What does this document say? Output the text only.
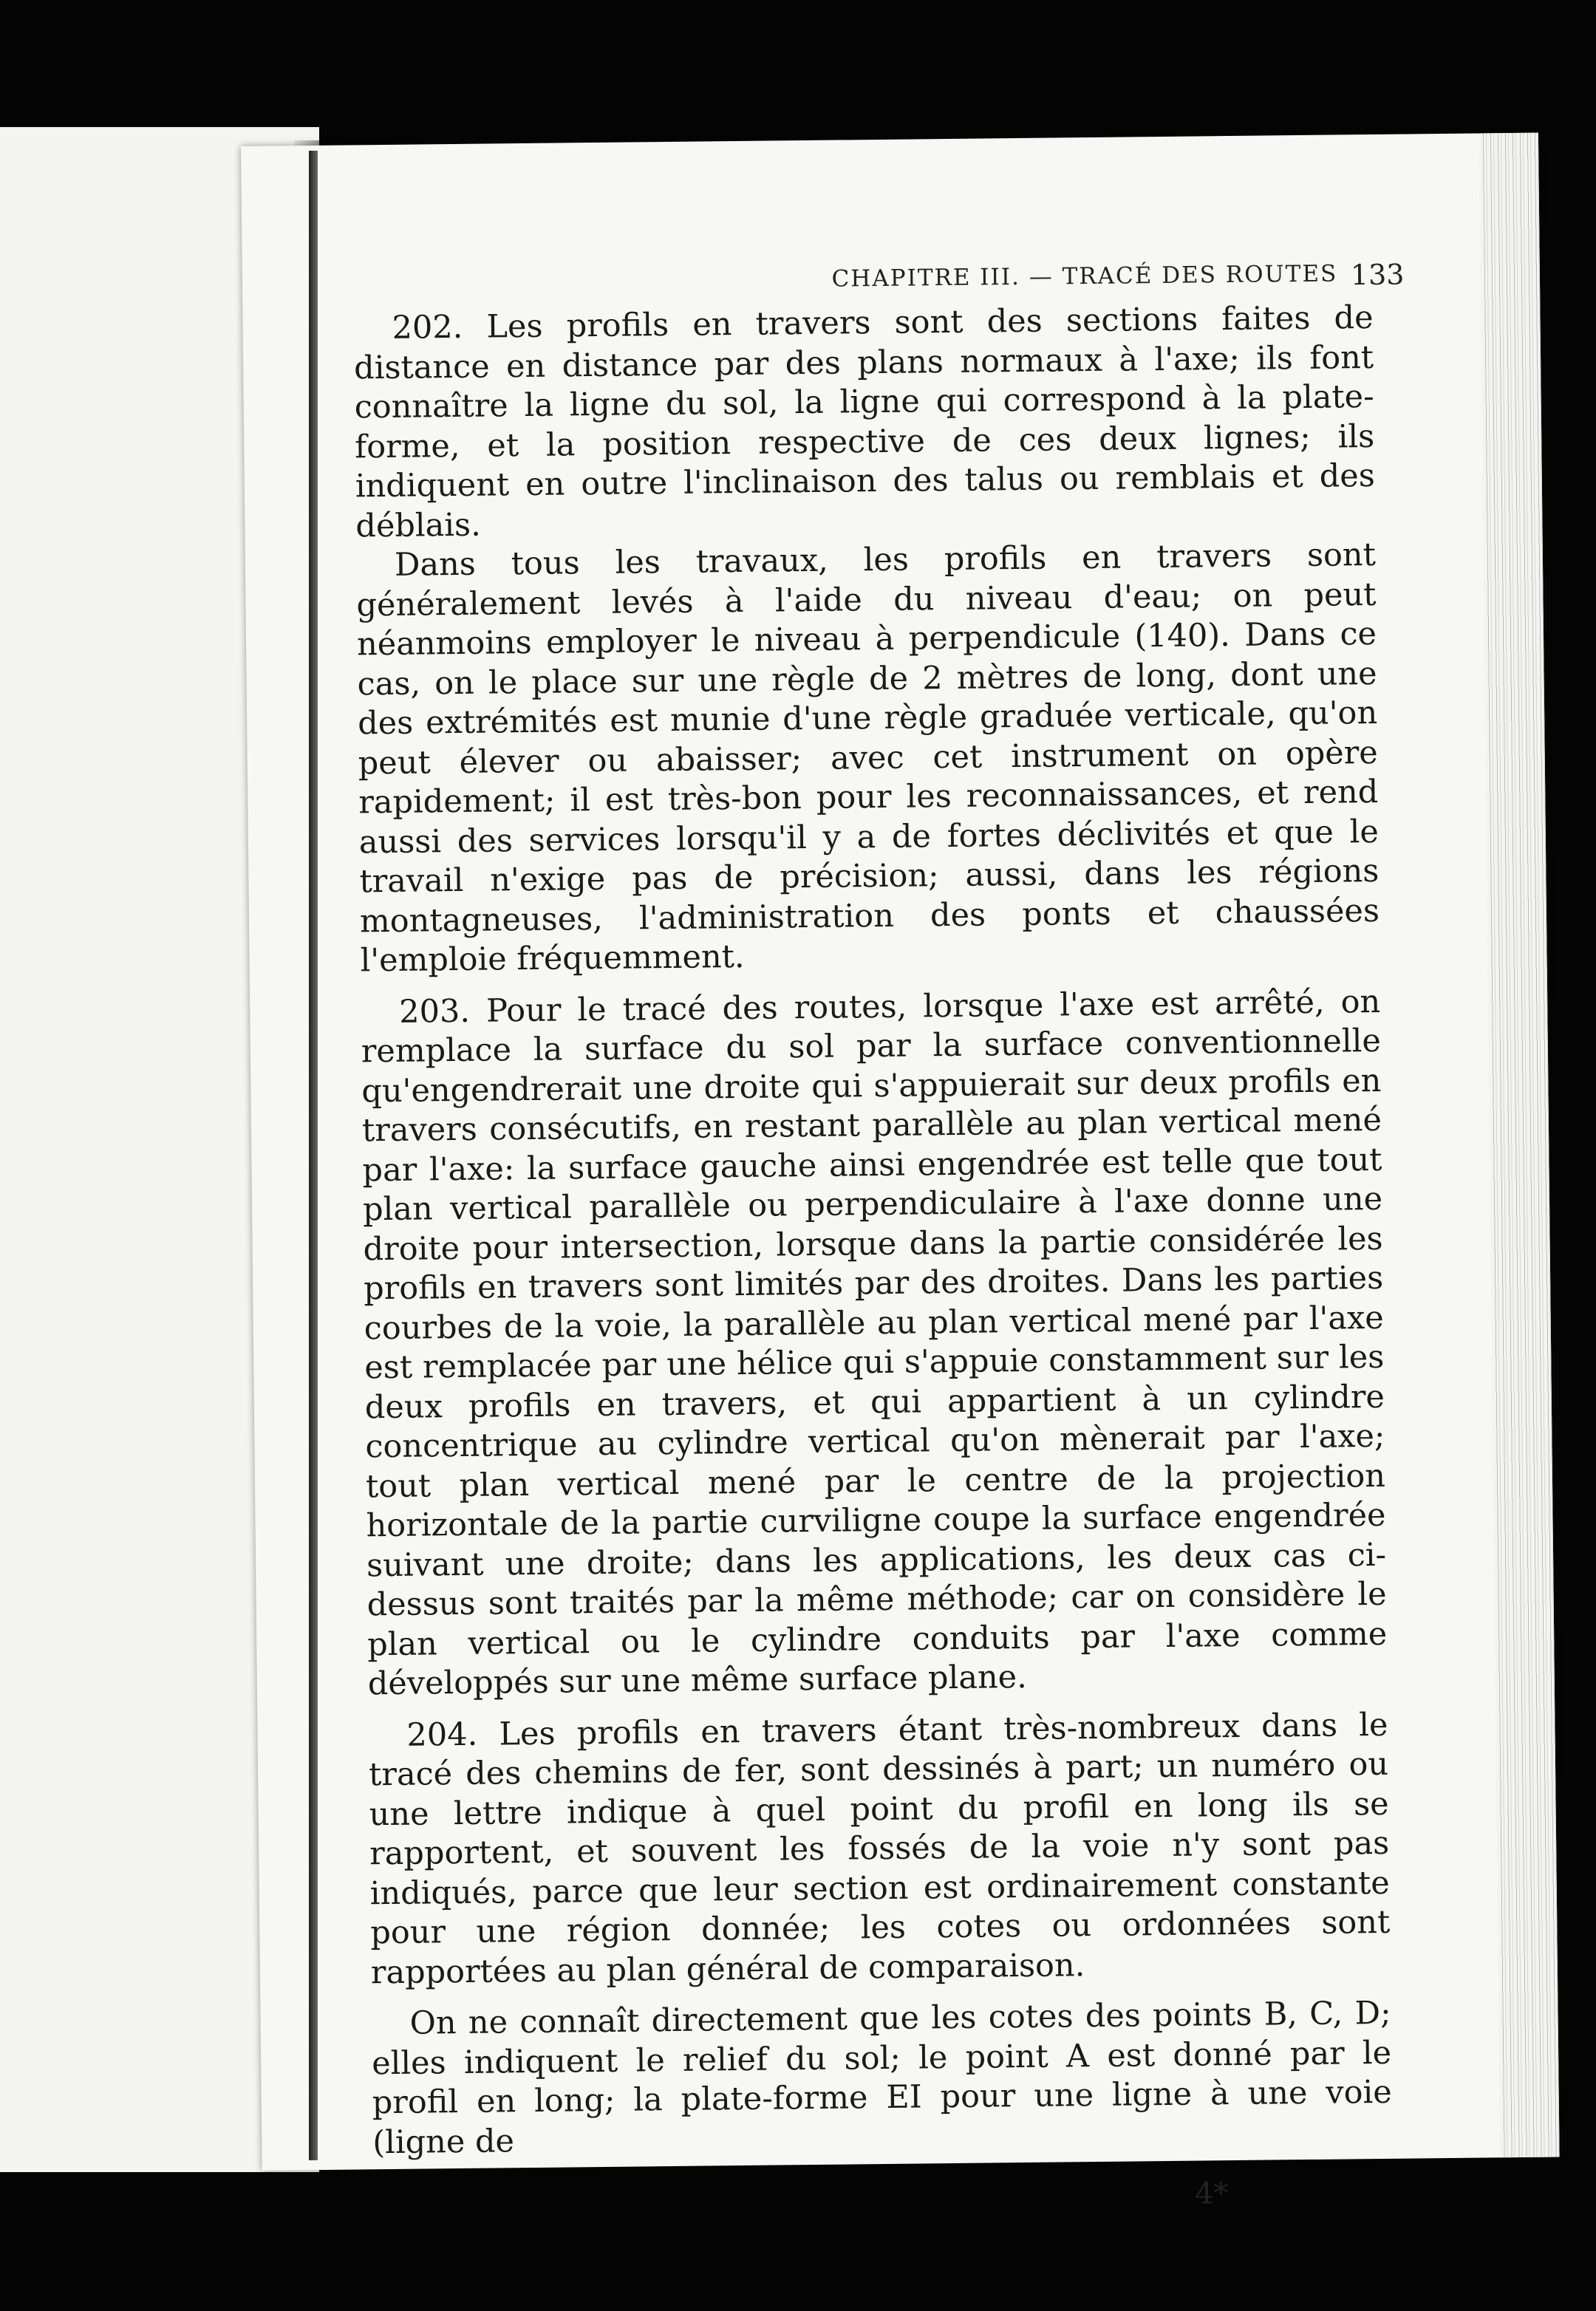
CHAPITRE III. — TRACÉ DES ROUTES 133

202. Les profils en travers sont des sections faites de distance en distance par des plans normaux à l'axe; ils font connaître la ligne du sol, la ligne qui correspond à la plate-forme, et la position respective de ces deux lignes; ils indiquent en outre l'inclinaison des talus ou remblais et des déblais.

Dans tous les travaux, les profils en travers sont généralement levés à l'aide du niveau d'eau; on peut néanmoins employer le niveau à perpendicule (140). Dans ce cas, on le place sur une règle de 2 mètres de long, dont une des extrémités est munie d'une règle graduée verticale, qu'on peut élever ou abaisser; avec cet instrument on opère rapidement; il est très-bon pour les reconnaissances, et rend aussi des services lorsqu'il y a de fortes déclivités et que le travail n'exige pas de précision; aussi, dans les régions montagneuses, l'administration des ponts et chaussées l'emploie fréquemment.

203. Pour le tracé des routes, lorsque l'axe est arrêté, on remplace la surface du sol par la surface conventionnelle qu'engendrerait une droite qui s'appuierait sur deux profils en travers consécutifs, en restant parallèle au plan vertical mené par l'axe: la surface gauche ainsi engendrée est telle que tout plan vertical parallèle ou perpendiculaire à l'axe donne une droite pour intersection, lorsque dans la partie considérée les profils en travers sont limités par des droites. Dans les parties courbes de la voie, la parallèle au plan vertical mené par l'axe est remplacée par une hélice qui s'appuie constamment sur les deux profils en travers, et qui appartient à un cylindre concentrique au cylindre vertical qu'on mènerait par l'axe; tout plan vertical mené par le centre de la projection horizontale de la partie curviligne coupe la surface engendrée suivant une droite; dans les applications, les deux cas ci-dessus sont traités par la même méthode; car on considère le plan vertical ou le cylindre conduits par l'axe comme développés sur une même surface plane.

204. Les profils en travers étant très-nombreux dans le tracé des chemins de fer, sont dessinés à part; un numéro ou une lettre indique à quel point du profil en long ils se rapportent, et souvent les fossés de la voie n'y sont pas indiqués, parce que leur section est ordinairement constante pour une région donnée; les cotes ou ordonnées sont rapportées au plan général de comparaison.

On ne connaît directement que les cotes des points B, C, D; elles indiquent le relief du sol; le point A est donné par le profil en long; la plate-forme EI pour une ligne à une voie (ligne de

4*
